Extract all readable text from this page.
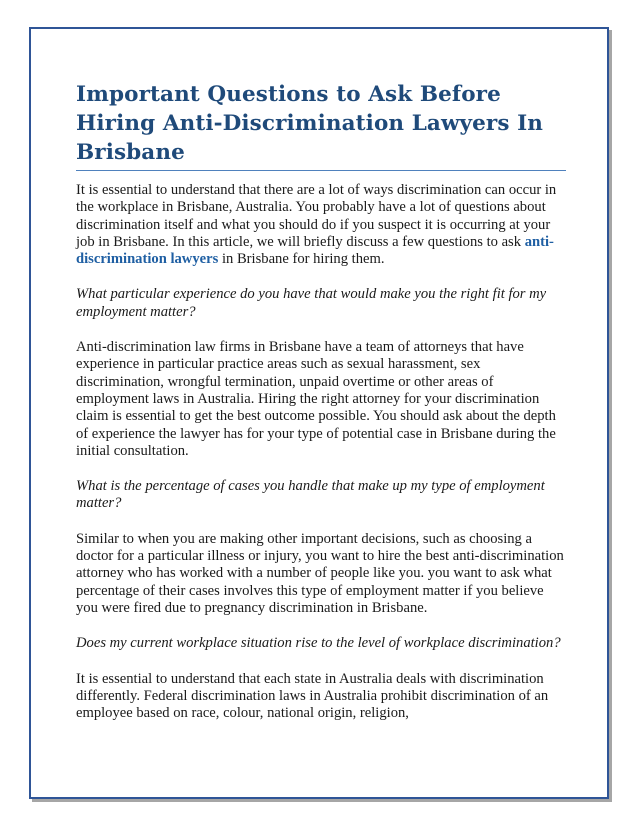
Important Questions to Ask Before Hiring Anti-Discrimination Lawyers In Brisbane

It is essential to understand that there are a lot of ways discrimination can occur in the workplace in Brisbane, Australia. You probably have a lot of questions about discrimination itself and what you should do if you suspect it is occurring at your job in Brisbane. In this article, we will briefly discuss a few questions to ask anti-discrimination lawyers in Brisbane for hiring them.

What particular experience do you have that would make you the right fit for my employment matter?

Anti-discrimination law firms in Brisbane have a team of attorneys that have experience in particular practice areas such as sexual harassment, sex discrimination, wrongful termination, unpaid overtime or other areas of employment laws in Australia. Hiring the right attorney for your discrimination claim is essential to get the best outcome possible. You should ask about the depth of experience the lawyer has for your type of potential case in Brisbane during the initial consultation.

What is the percentage of cases you handle that make up my type of employment matter?

Similar to when you are making other important decisions, such as choosing a doctor for a particular illness or injury, you want to hire the best anti-discrimination attorney who has worked with a number of people like you. you want to ask what percentage of their cases involves this type of employment matter if you believe you were fired due to pregnancy discrimination in Brisbane.

Does my current workplace situation rise to the level of workplace discrimination?

It is essential to understand that each state in Australia deals with discrimination differently. Federal discrimination laws in Australia prohibit discrimination of an employee based on race, colour, national origin, religion,
